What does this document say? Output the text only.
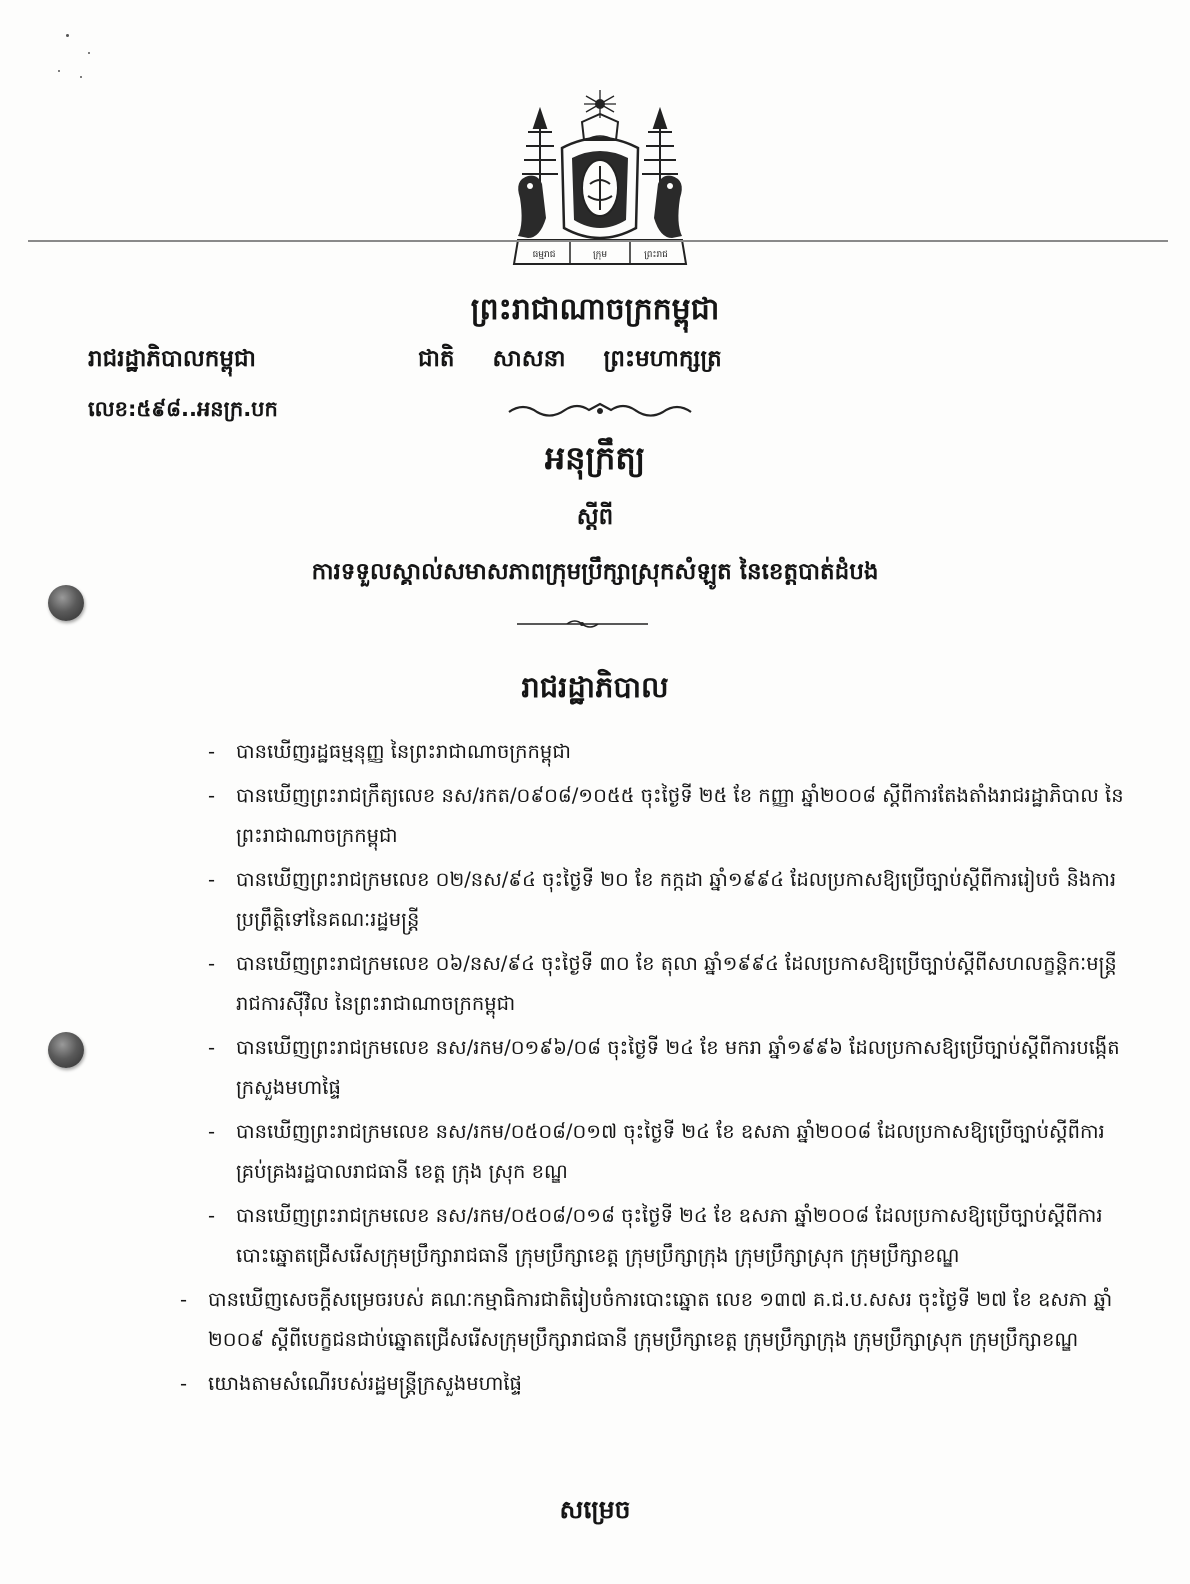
ធម្មរាជ	ក្រុម	ព្រះរាជ
ព្រះរាជាណាចក្រកម្ពុជា
រាជរដ្ឋាភិបាលកម្ពុជា	ជាតិ សាសនា ព្រះមហាក្សត្រ
លេខ:៥៩៨..អនក្រ.បក
អនុក្រឹត្យ
ស្តីពី
ការទទួលស្គាល់សមាសភាពក្រុមប្រឹក្សាស្រុកសំឡូត នៃខេត្តបាត់ដំបង
រាជរដ្ឋាភិបាល
- បានឃើញរដ្ឋធម្មនុញ្ញ នៃព្រះរាជាណាចក្រកម្ពុជា
- បានឃើញព្រះរាជក្រឹត្យលេខ នស/រកត/០៩០៨/១០៥៥ ចុះថ្ងៃទី ២៥ ខែ កញ្ញា ឆ្នាំ២០០៨ ស្តីពីការតែងតាំងរាជរដ្ឋាភិបាល នៃព្រះរាជាណាចក្រកម្ពុជា
- បានឃើញព្រះរាជក្រមលេខ ០២/នស/៩៤ ចុះថ្ងៃទី ២០ ខែ កក្កដា ឆ្នាំ១៩៩៤ ដែលប្រកាសឱ្យប្រើច្បាប់ស្តីពីការរៀបចំ និងការប្រព្រឹត្តិទៅនៃគណៈរដ្ឋមន្ត្រី
- បានឃើញព្រះរាជក្រមលេខ ០៦/នស/៩៤ ចុះថ្ងៃទី ៣០ ខែ តុលា ឆ្នាំ១៩៩៤ ដែលប្រកាសឱ្យប្រើច្បាប់ស្តីពីសហលក្ខន្តិកៈមន្ត្រីរាជការស៊ីវិល នៃព្រះរាជាណាចក្រកម្ពុជា
- បានឃើញព្រះរាជក្រមលេខ នស/រកម/០១៩៦/០៨ ចុះថ្ងៃទី ២៤ ខែ មករា ឆ្នាំ១៩៩៦ ដែលប្រកាសឱ្យប្រើច្បាប់ស្តីពីការបង្កើតក្រសួងមហាផ្ទៃ
- បានឃើញព្រះរាជក្រមលេខ នស/រកម/០៥០៨/០១៧ ចុះថ្ងៃទី ២៤ ខែ ឧសភា ឆ្នាំ២០០៨ ដែលប្រកាសឱ្យប្រើច្បាប់ស្តីពីការគ្រប់គ្រងរដ្ឋបាលរាជធានី ខេត្ត ក្រុង ស្រុក ខណ្ឌ
- បានឃើញព្រះរាជក្រមលេខ នស/រកម/០៥០៨/០១៨ ចុះថ្ងៃទី ២៤ ខែ ឧសភា ឆ្នាំ២០០៨ ដែលប្រកាសឱ្យប្រើច្បាប់ស្តីពីការបោះឆ្នោតជ្រើសរើសក្រុមប្រឹក្សារាជធានី ក្រុមប្រឹក្សាខេត្ត ក្រុមប្រឹក្សាក្រុង ក្រុមប្រឹក្សាស្រុក ក្រុមប្រឹក្សាខណ្ឌ
- បានឃើញសេចក្តីសម្រេចរបស់ គណៈកម្មាធិការជាតិរៀបចំការបោះឆ្នោត លេខ ១៣៧ គ.ជ.ប.សសរ ចុះថ្ងៃទី ២៧ ខែ ឧសភា ឆ្នាំ ២០០៩ ស្តីពីបេក្ខជនជាប់ឆ្នោតជ្រើសរើសក្រុមប្រឹក្សារាជធានី ក្រុមប្រឹក្សាខេត្ត ក្រុមប្រឹក្សាក្រុង ក្រុមប្រឹក្សាស្រុក ក្រុមប្រឹក្សាខណ្ឌ
- យោងតាមសំណើរបស់រដ្ឋមន្ត្រីក្រសួងមហាផ្ទៃ
សម្រេច
